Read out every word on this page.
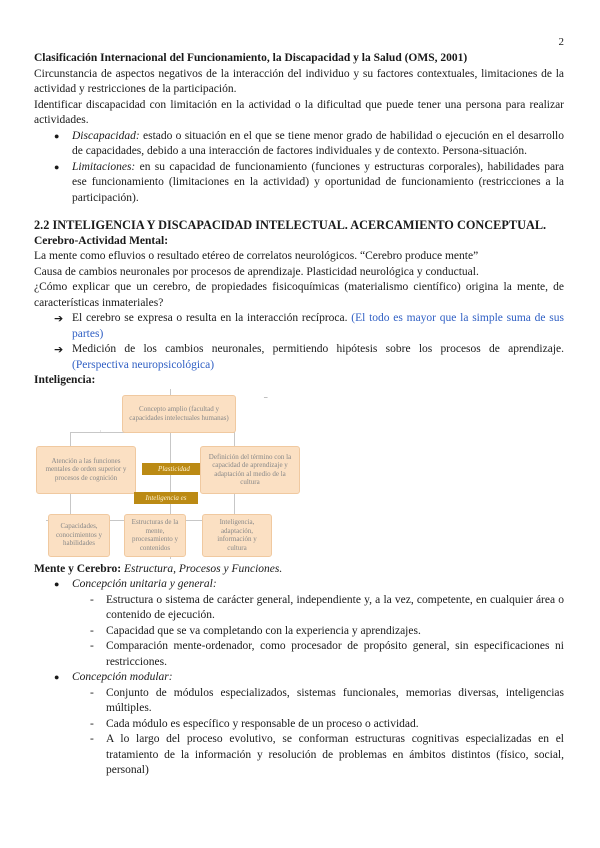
2

Clasificación Internacional del Funcionamiento, la Discapacidad y la Salud (OMS, 2001)

Circunstancia de aspectos negativos de la interacción del individuo y su factores contextuales, limitaciones de la actividad y restricciones de la participación.

Identificar discapacidad con limitación en la actividad o la dificultad que puede tener una persona para realizar actividades.

● Discapacidad: estado o situación en el que se tiene menor grado de habilidad o ejecución en el desarrollo de capacidades, debido a una interacción de factores individuales y de contexto. Persona-situación.
● Limitaciones: en su capacidad de funcionamiento (funciones y estructuras corporales), habilidades para ese funcionamiento (limitaciones en la actividad) y oportunidad de funcionamiento (restricciones a la participación).

2.2 INTELIGENCIA Y DISCAPACIDAD INTELECTUAL. ACERCAMIENTO CONCEPTUAL.

Cerebro-Actividad Mental:

La mente como efluvios o resultado etéreo de correlatos neurológicos. “Cerebro produce mente”

Causa de cambios neuronales por procesos de aprendizaje. Plasticidad neurológica y conductual.

¿Cómo explicar que un cerebro, de propiedades fisicoquímicas (materialismo científico) origina la mente, de características inmateriales?

➔ El cerebro se expresa o resulta en la interacción recíproca. (El todo es mayor que la simple suma de sus partes)
➔ Medición de los cambios neuronales, permitiendo hipótesis sobre los procesos de aprendizaje. (Perspectiva neuropsicológica)

Inteligencia:

Concepto amplio (facultad y capacidades intelectuales humanas)
–
Atención a las funciones mentales de orden superior y procesos de cognición
Plasticidad
Definición del término con la capacidad de aprendizaje y adaptación al medio de la cultura
Inteligencia es
Capacidades, conocimientos y habilidades
Estructuras de la mente, procesamiento y contenidos
Inteligencia, adaptación, información y cultura

Mente y Cerebro: Estructura, Procesos y Funciones.

● Concepción unitaria y general:
- Estructura o sistema de carácter general, independiente y, a la vez, competente, en cualquier área o contenido de ejecución.
- Capacidad que se va completando con la experiencia y aprendizajes.
- Comparación mente-ordenador, como procesador de propósito general, sin especificaciones ni restricciones.
● Concepción modular:
- Conjunto de módulos especializados, sistemas funcionales, memorias diversas, inteligencias múltiples.
- Cada módulo es específico y responsable de un proceso o actividad.
- A lo largo del proceso evolutivo, se conforman estructuras cognitivas especializadas en el tratamiento de la información y resolución de problemas en ámbitos distintos (físico, social, personal)
